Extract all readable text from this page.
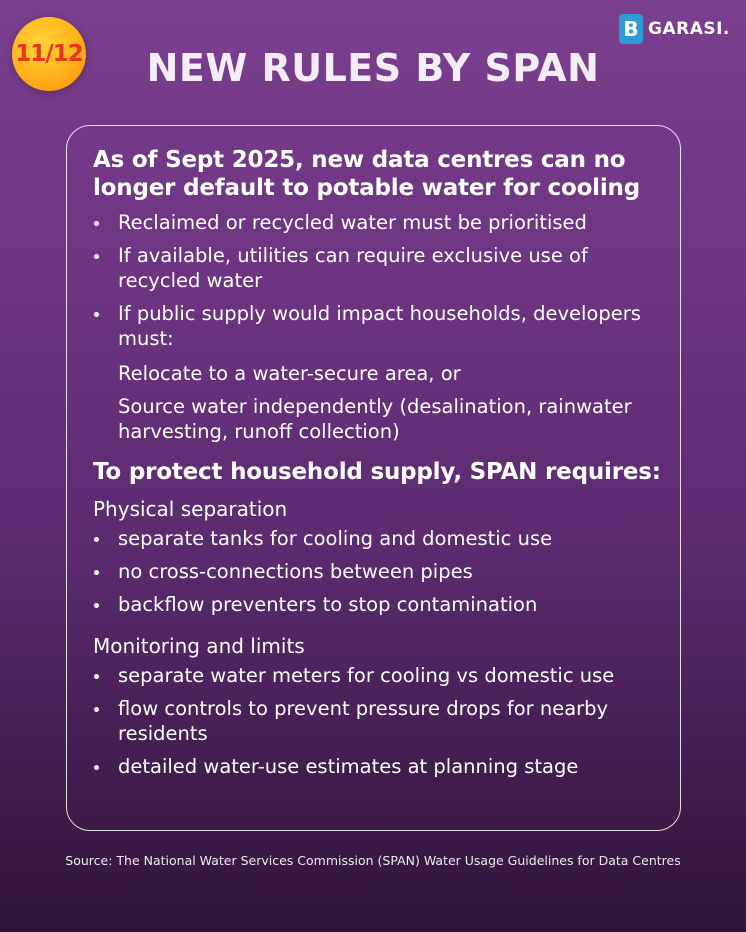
11/12
B GARASI.
NEW RULES BY SPAN

As of Sept 2025, new data centres can no longer default to potable water for cooling

Reclaimed or recycled water must be prioritised
If available, utilities can require exclusive use of recycled water
If public supply would impact households, developers must:
Relocate to a water-secure area, or
Source water independently (desalination, rainwater harvesting, runoff collection)

To protect household supply, SPAN requires:

Physical separation
separate tanks for cooling and domestic use
no cross-connections between pipes
backflow preventers to stop contamination
Monitoring and limits
separate water meters for cooling vs domestic use
flow controls to prevent pressure drops for nearby residents
detailed water-use estimates at planning stage
Source: The National Water Services Commission (SPAN) Water Usage Guidelines for Data Centres
